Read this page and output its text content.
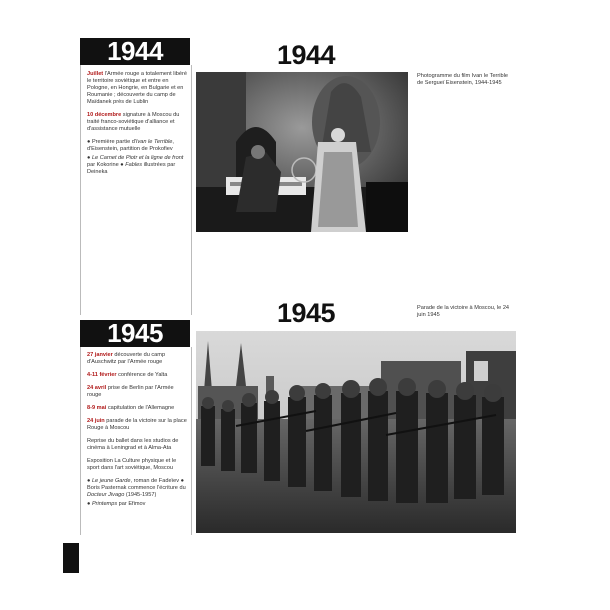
1944	1944

Juillet l'Armée rouge a totalement libéré le territoire soviétique et entre en Pologne, en Hongrie, en Bulgarie et en Roumanie ; découverte du camp de Maïdanek près de Lublin

10 décembre signature à Moscou du traité franco-soviétique d'alliance et d'assistance mutuelle

● Première partie d'Ivan le Terrible, d'Eisenstein, partition de Prokofiev

● Le Carnet de Piotr et la ligne de front par Kokorine ● Fables illustrées par Deineka

Photogramme du film Ivan le Terrible de Sergueï Eisenstein, 1944-1945
1945	Parade de la victoire à Moscou, le 24 juin 1945
1945

27 janvier découverte du camp d'Auschwitz par l'Armée rouge

4-11 février conférence de Yalta

24 avril prise de Berlin par l'Armée rouge

8-9 mai capitulation de l'Allemagne

24 juin parade de la victoire sur la place Rouge à Moscou

Reprise du ballet dans les studios de cinéma à Leningrad et à Alma-Ata

Exposition La Culture physique et le sport dans l'art soviétique, Moscou

● Le jeune Garde, roman de Fadeïev ● Boris Pasternak commence l'écriture du Docteur Jivago (1945-1957)

● Printemps par Efimov
